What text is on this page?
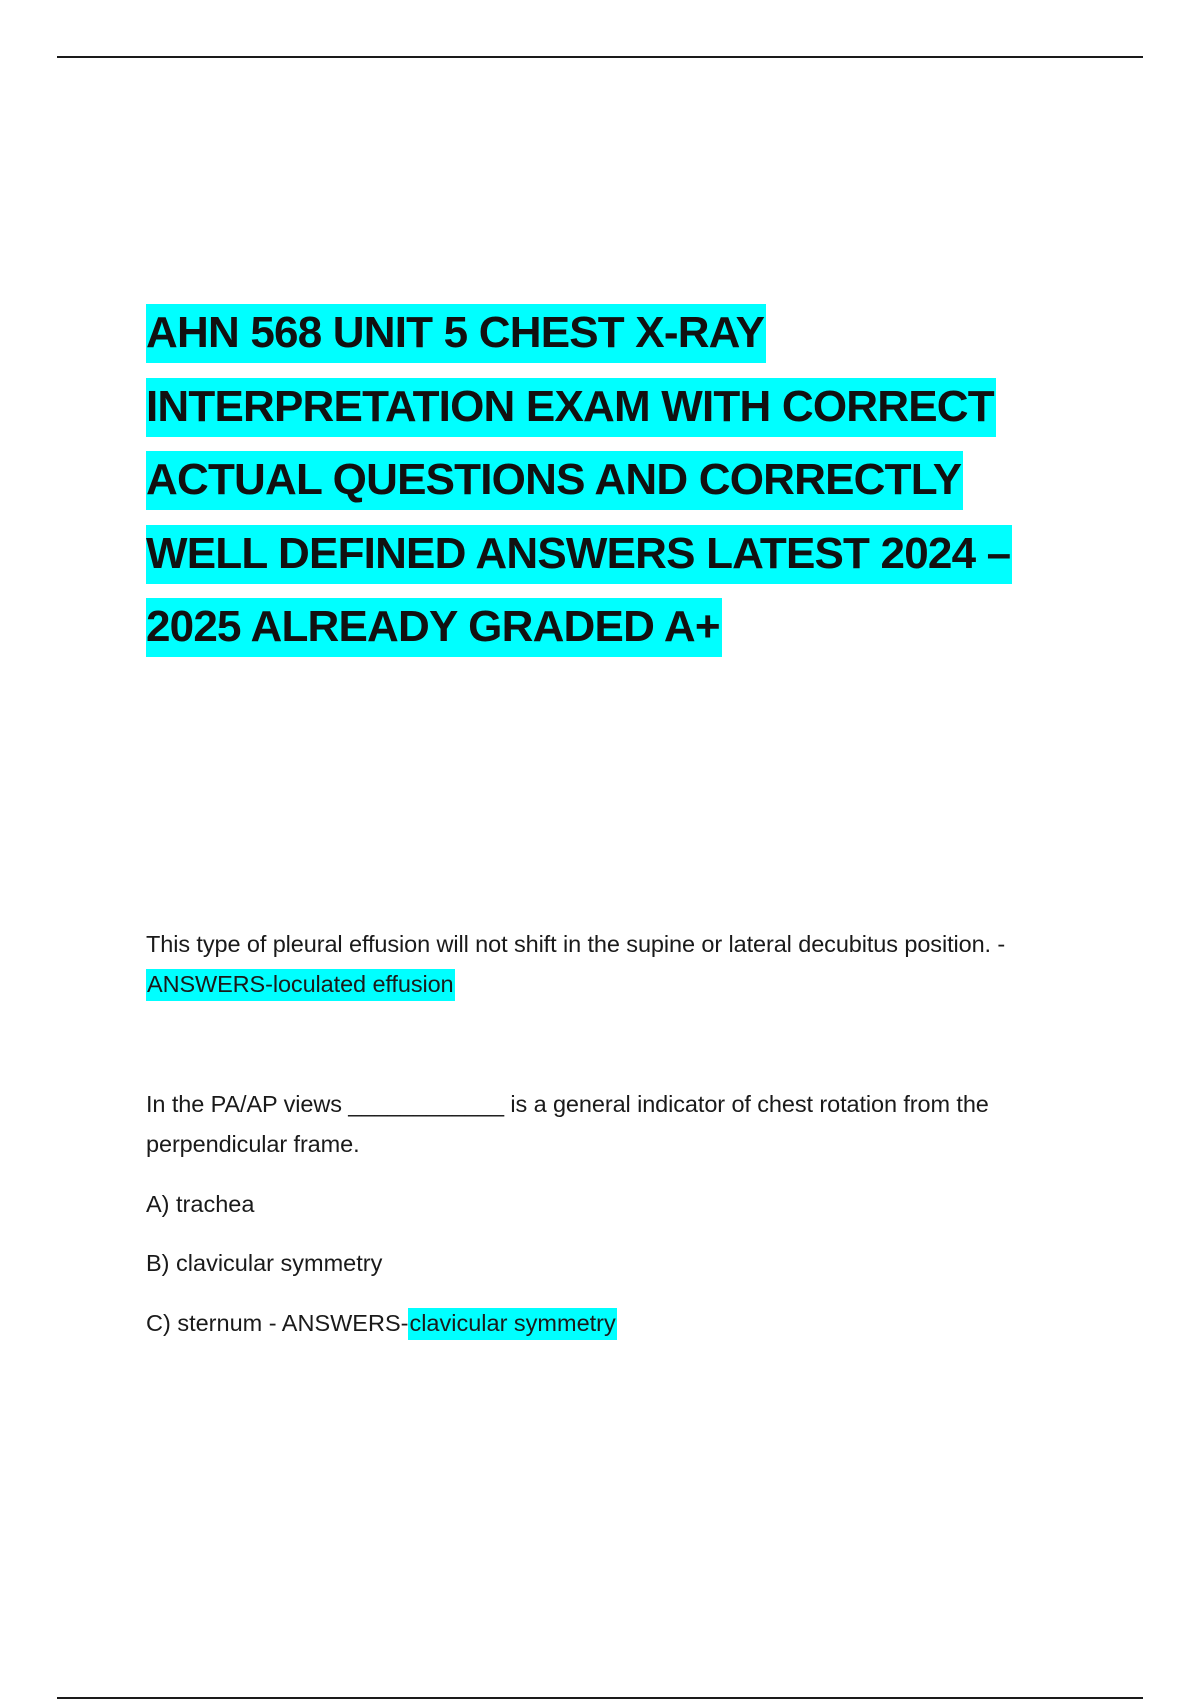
AHN 568 UNIT 5 CHEST X-RAY
INTERPRETATION EXAM WITH CORRECT
ACTUAL QUESTIONS AND CORRECTLY
WELL DEFINED ANSWERS LATEST 2024 –
2025 ALREADY GRADED A+

This type of pleural effusion will not shift in the supine or lateral decubitus position. - ANSWERS-loculated effusion

In the PA/AP views ____________ is a general indicator of chest rotation from the perpendicular frame.

A) trachea

B) clavicular symmetry

C) sternum - ANSWERS-clavicular symmetry
